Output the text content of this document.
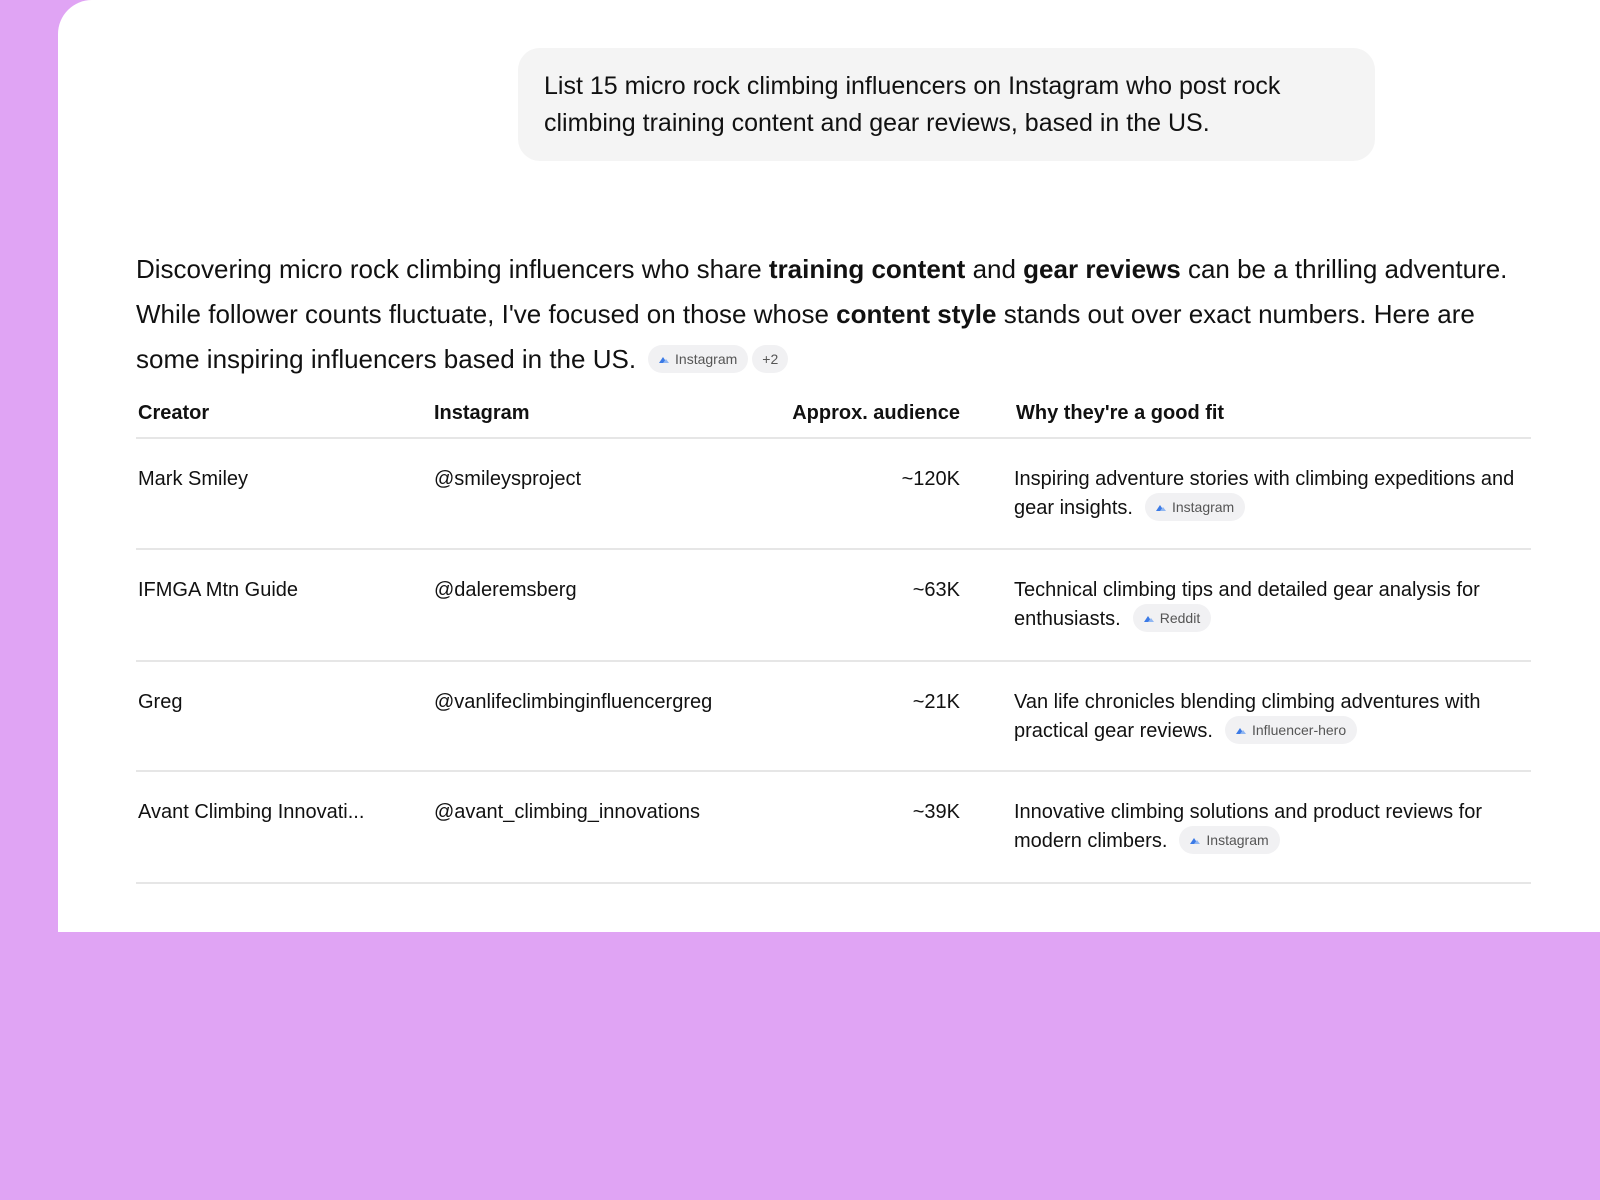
List 15 micro rock climbing influencers on Instagram who post rock climbing training content and gear reviews, based in the US.
Discovering micro rock climbing influencers who share training content and gear reviews can be a thrilling adventure. While follower counts fluctuate, I've focused on those whose content style stands out over exact numbers. Here are some inspiring influencers based in the US.	Instagram +2
Creator	Instagram	Approx. audience	Why they're a good fit
Mark Smiley	@smileysproject	~120K	Inspiring adventure stories with climbing expeditions and gear insights. Instagram

IFMGA Mtn Guide	@daleremsberg	~63K	Technical climbing tips and detailed gear analysis for enthusiasts. Reddit

Greg	@vanlifeclimbinginfluencergreg	~21K	Van life chronicles blending climbing adventures with practical gear reviews. Influencer-hero

Avant Climbing Innovati...	@avant_climbing_innovations	~39K	Innovative climbing solutions and product reviews for modern climbers. Instagram
